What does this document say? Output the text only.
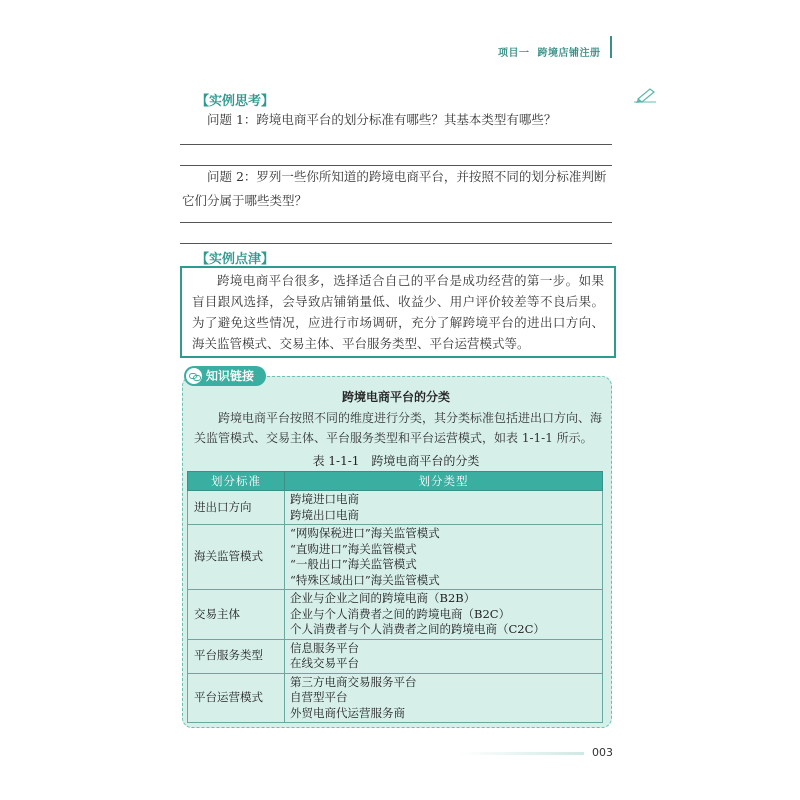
项目一 跨境店铺注册
【实例思考】
问题 1：跨境电商平台的划分标准有哪些？其基本类型有哪些？
问题 2：罗列一些你所知道的跨境电商平台，并按照不同的划分标准判断它们分属于哪些类型？
【实例点津】
跨境电商平台很多，选择适合自己的平台是成功经营的第一步。如果盲目跟风选择，会导致店铺销量低、收益少、用户评价较差等不良后果。为了避免这些情况，应进行市场调研，充分了解跨境平台的进出口方向、海关监管模式、交易主体、平台服务类型、平台运营模式等。
知识链接
跨境电商平台的分类
跨境电商平台按照不同的维度进行分类，其分类标准包括进出口方向、海关监管模式、交易主体、平台服务类型和平台运营模式，如表 1-1-1 所示。
表 1-1-1　跨境电商平台的分类
划分标准	划分类型
进出口方向	跨境进口电商
跨境出口电商

海关监管模式	“网购保税进口”海关监管模式
“直购进口”海关监管模式
“一般出口”海关监管模式
“特殊区域出口”海关监管模式

交易主体	企业与企业之间的跨境电商（B2B）
企业与个人消费者之间的跨境电商（B2C）
个人消费者与个人消费者之间的跨境电商（C2C）

平台服务类型	信息服务平台
在线交易平台

平台运营模式	第三方电商交易服务平台
自营型平台
外贸电商代运营服务商
003
